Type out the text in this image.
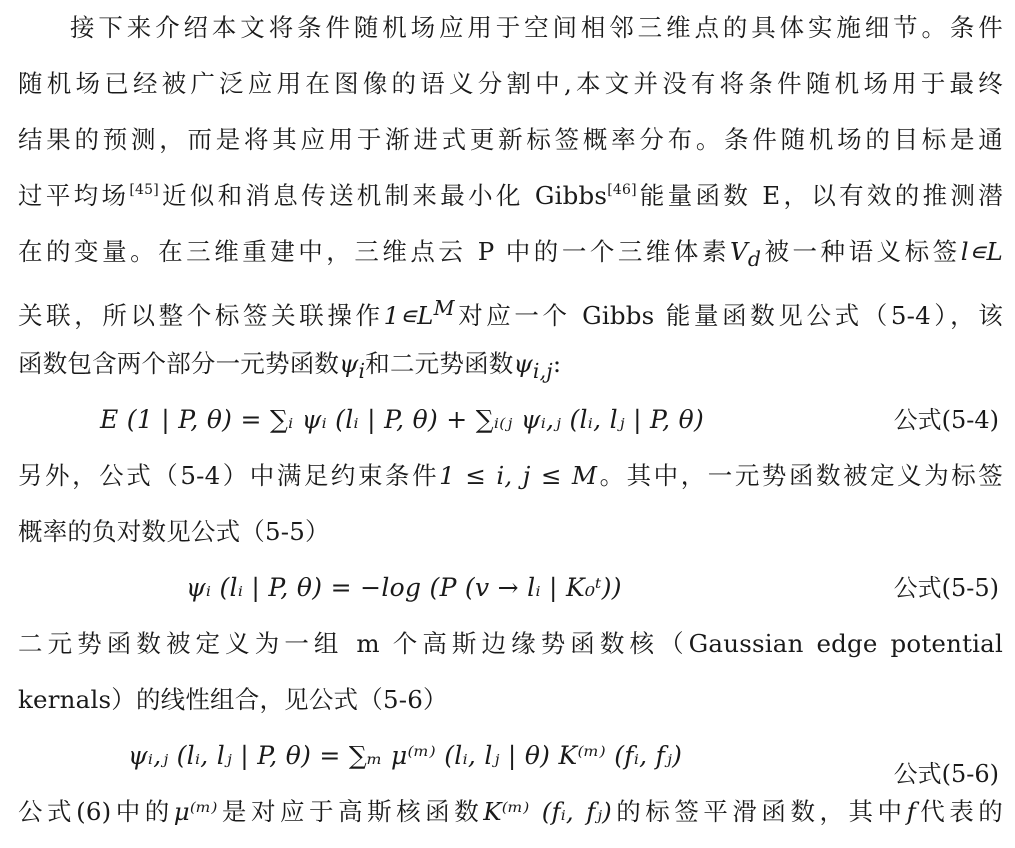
接下来介绍本文将条件随机场应用于空间相邻三维点的具体实施细节。条件
随机场已经被广泛应用在图像的语义分割中,本文并没有将条件随机场用于最终
结果的预测，而是将其应用于渐进式更新标签概率分布。条件随机场的目标是通
过平均场[45]近似和消息传送机制来最小化 Gibbs[46]能量函数 E，以有效的推测潜
在的变量。在三维重建中，三维点云 P 中的一个三维体素$V_d$被一种语义标签l∊L
关联，所以整个标签关联操作$1∊L^M$对应一个 Gibbs 能量函数见公式（5-4），该
函数包含两个部分一元势函数$\psi_i$和二元势函数$\psi_{i,j}$:
E (1 | P, θ) = ∑ᵢ ψᵢ (lᵢ | P, θ) + ∑ᵢ₍ⱼ ψᵢ,ⱼ (lᵢ, lⱼ | P, θ)	公式(5-4)
另外，公式（5-4）中满足约束条件1 ≤ i, j ≤ M。其中，一元势函数被定义为标签
概率的负对数见公式（5-5）
ψᵢ (lᵢ | P, θ) = −log (P (v → lᵢ | K₀ᵗ))	公式(5-5)
二元势函数被定义为一组 m 个高斯边缘势函数核（Gaussian edge potential
kernals）的线性组合，见公式（5-6）
ψᵢ,ⱼ (lᵢ, lⱼ | P, θ) = ∑ₘ μ⁽ᵐ⁾ (lᵢ, lⱼ | θ) K⁽ᵐ⁾ (fᵢ, fⱼ)
公式(5-6)
公式(6)中的μ⁽ᵐ⁾是对应于高斯核函数K⁽ᵐ⁾ (fᵢ, fⱼ)的标签平滑函数，其中f代表的
